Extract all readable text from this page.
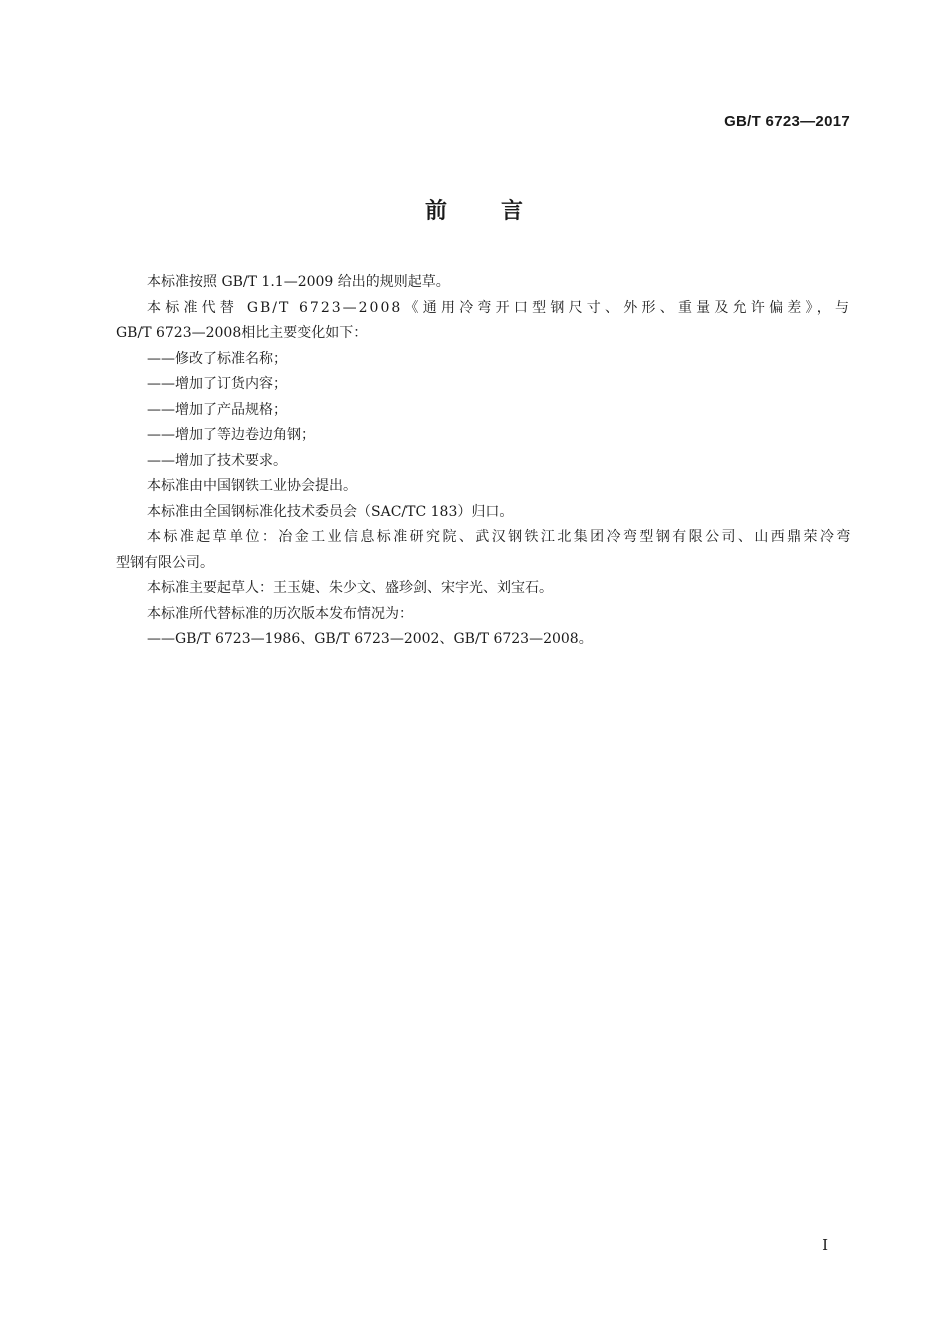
GB/T 6723—2017
前 言

本标准按照 GB/T 1.1—2009 给出的规则起草。

本标准代替 GB/T 6723—2008《通用冷弯开口型钢尺寸、外形、重量及允许偏差》，与

GB/T 6723—2008相比主要变化如下：

——修改了标准名称；

——增加了订货内容；

——增加了产品规格；

——增加了等边卷边角钢；

——增加了技术要求。

本标准由中国钢铁工业协会提出。

本标准由全国钢标准化技术委员会（SAC/TC 183）归口。

本标准起草单位：冶金工业信息标准研究院、武汉钢铁江北集团冷弯型钢有限公司、山西鼎荣冷弯

型钢有限公司。

本标准主要起草人：王玉婕、朱少文、盛珍剑、宋宇光、刘宝石。

本标准所代替标准的历次版本发布情况为：

——GB/T 6723—1986、GB/T 6723—2002、GB/T 6723—2008。

I
